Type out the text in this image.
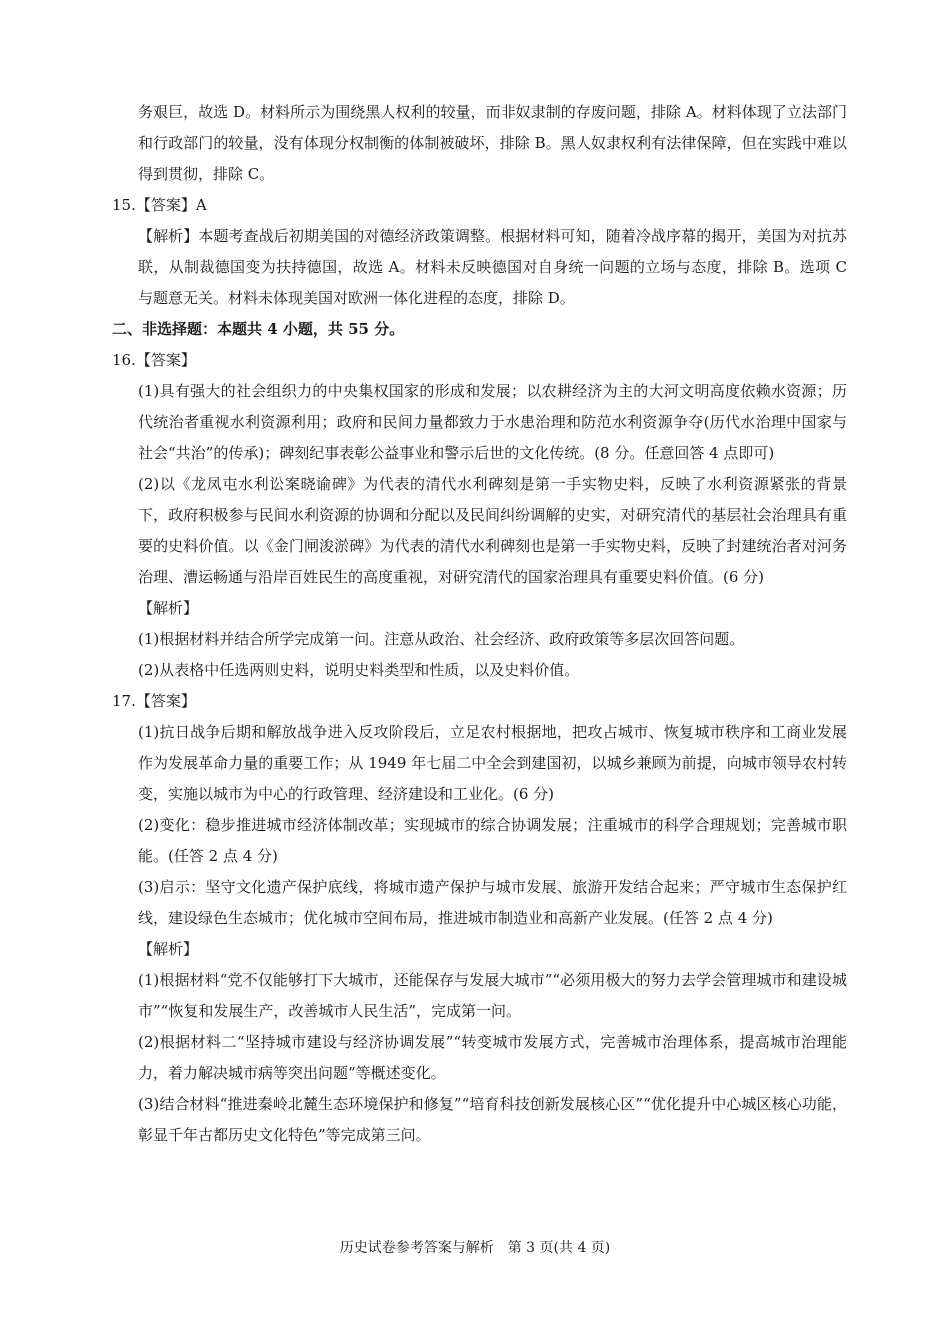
务艰巨，故选 D。材料所示为围绕黑人权利的较量，而非奴隶制的存废问题，排除 A。材料体现了立法部门和行政部门的较量，没有体现分权制衡的体制被破坏，排除 B。黑人奴隶权利有法律保障，但在实践中难以得到贯彻，排除 C。

15.【答案】A

【解析】本题考查战后初期美国的对德经济政策调整。根据材料可知，随着冷战序幕的揭开，美国为对抗苏联，从制裁德国变为扶持德国，故选 A。材料未反映德国对自身统一问题的立场与态度，排除 B。选项 C 与题意无关。材料未体现美国对欧洲一体化进程的态度，排除 D。

二、非选择题：本题共 4 小题，共 55 分。

16.【答案】

(1)具有强大的社会组织力的中央集权国家的形成和发展；以农耕经济为主的大河文明高度依赖水资源；历代统治者重视水利资源利用；政府和民间力量都致力于水患治理和防范水利资源争夺(历代水治理中国家与社会“共治”的传承)；碑刻纪事表彰公益事业和警示后世的文化传统。(8 分。任意回答 4 点即可)

(2)以《龙凤屯水利讼案晓谕碑》为代表的清代水利碑刻是第一手实物史料，反映了水利资源紧张的背景下，政府积极参与民间水利资源的协调和分配以及民间纠纷调解的史实，对研究清代的基层社会治理具有重要的史料价值。以《金门闸浚淤碑》为代表的清代水利碑刻也是第一手实物史料，反映了封建统治者对河务治理、漕运畅通与沿岸百姓民生的高度重视，对研究清代的国家治理具有重要史料价值。(6 分)

【解析】

(1)根据材料并结合所学完成第一问。注意从政治、社会经济、政府政策等多层次回答问题。

(2)从表格中任选两则史料，说明史料类型和性质，以及史料价值。

17.【答案】

(1)抗日战争后期和解放战争进入反攻阶段后，立足农村根据地，把攻占城市、恢复城市秩序和工商业发展作为发展革命力量的重要工作；从 1949 年七届二中全会到建国初，以城乡兼顾为前提，向城市领导农村转变，实施以城市为中心的行政管理、经济建设和工业化。(6 分)

(2)变化：稳步推进城市经济体制改革；实现城市的综合协调发展；注重城市的科学合理规划；完善城市职能。(任答 2 点 4 分)

(3)启示：坚守文化遗产保护底线，将城市遗产保护与城市发展、旅游开发结合起来；严守城市生态保护红线，建设绿色生态城市；优化城市空间布局，推进城市制造业和高新产业发展。(任答 2 点 4 分)

【解析】

(1)根据材料“党不仅能够打下大城市，还能保存与发展大城市”“必须用极大的努力去学会管理城市和建设城市”“恢复和发展生产，改善城市人民生活”，完成第一问。

(2)根据材料二“坚持城市建设与经济协调发展”“转变城市发展方式，完善城市治理体系，提高城市治理能力，着力解决城市病等突出问题”等概述变化。

(3)结合材料“推进秦岭北麓生态环境保护和修复”“培育科技创新发展核心区”“优化提升中心城区核心功能，彰显千年古都历史文化特色”等完成第三问。

历史试卷参考答案与解析　第 3 页(共 4 页)
